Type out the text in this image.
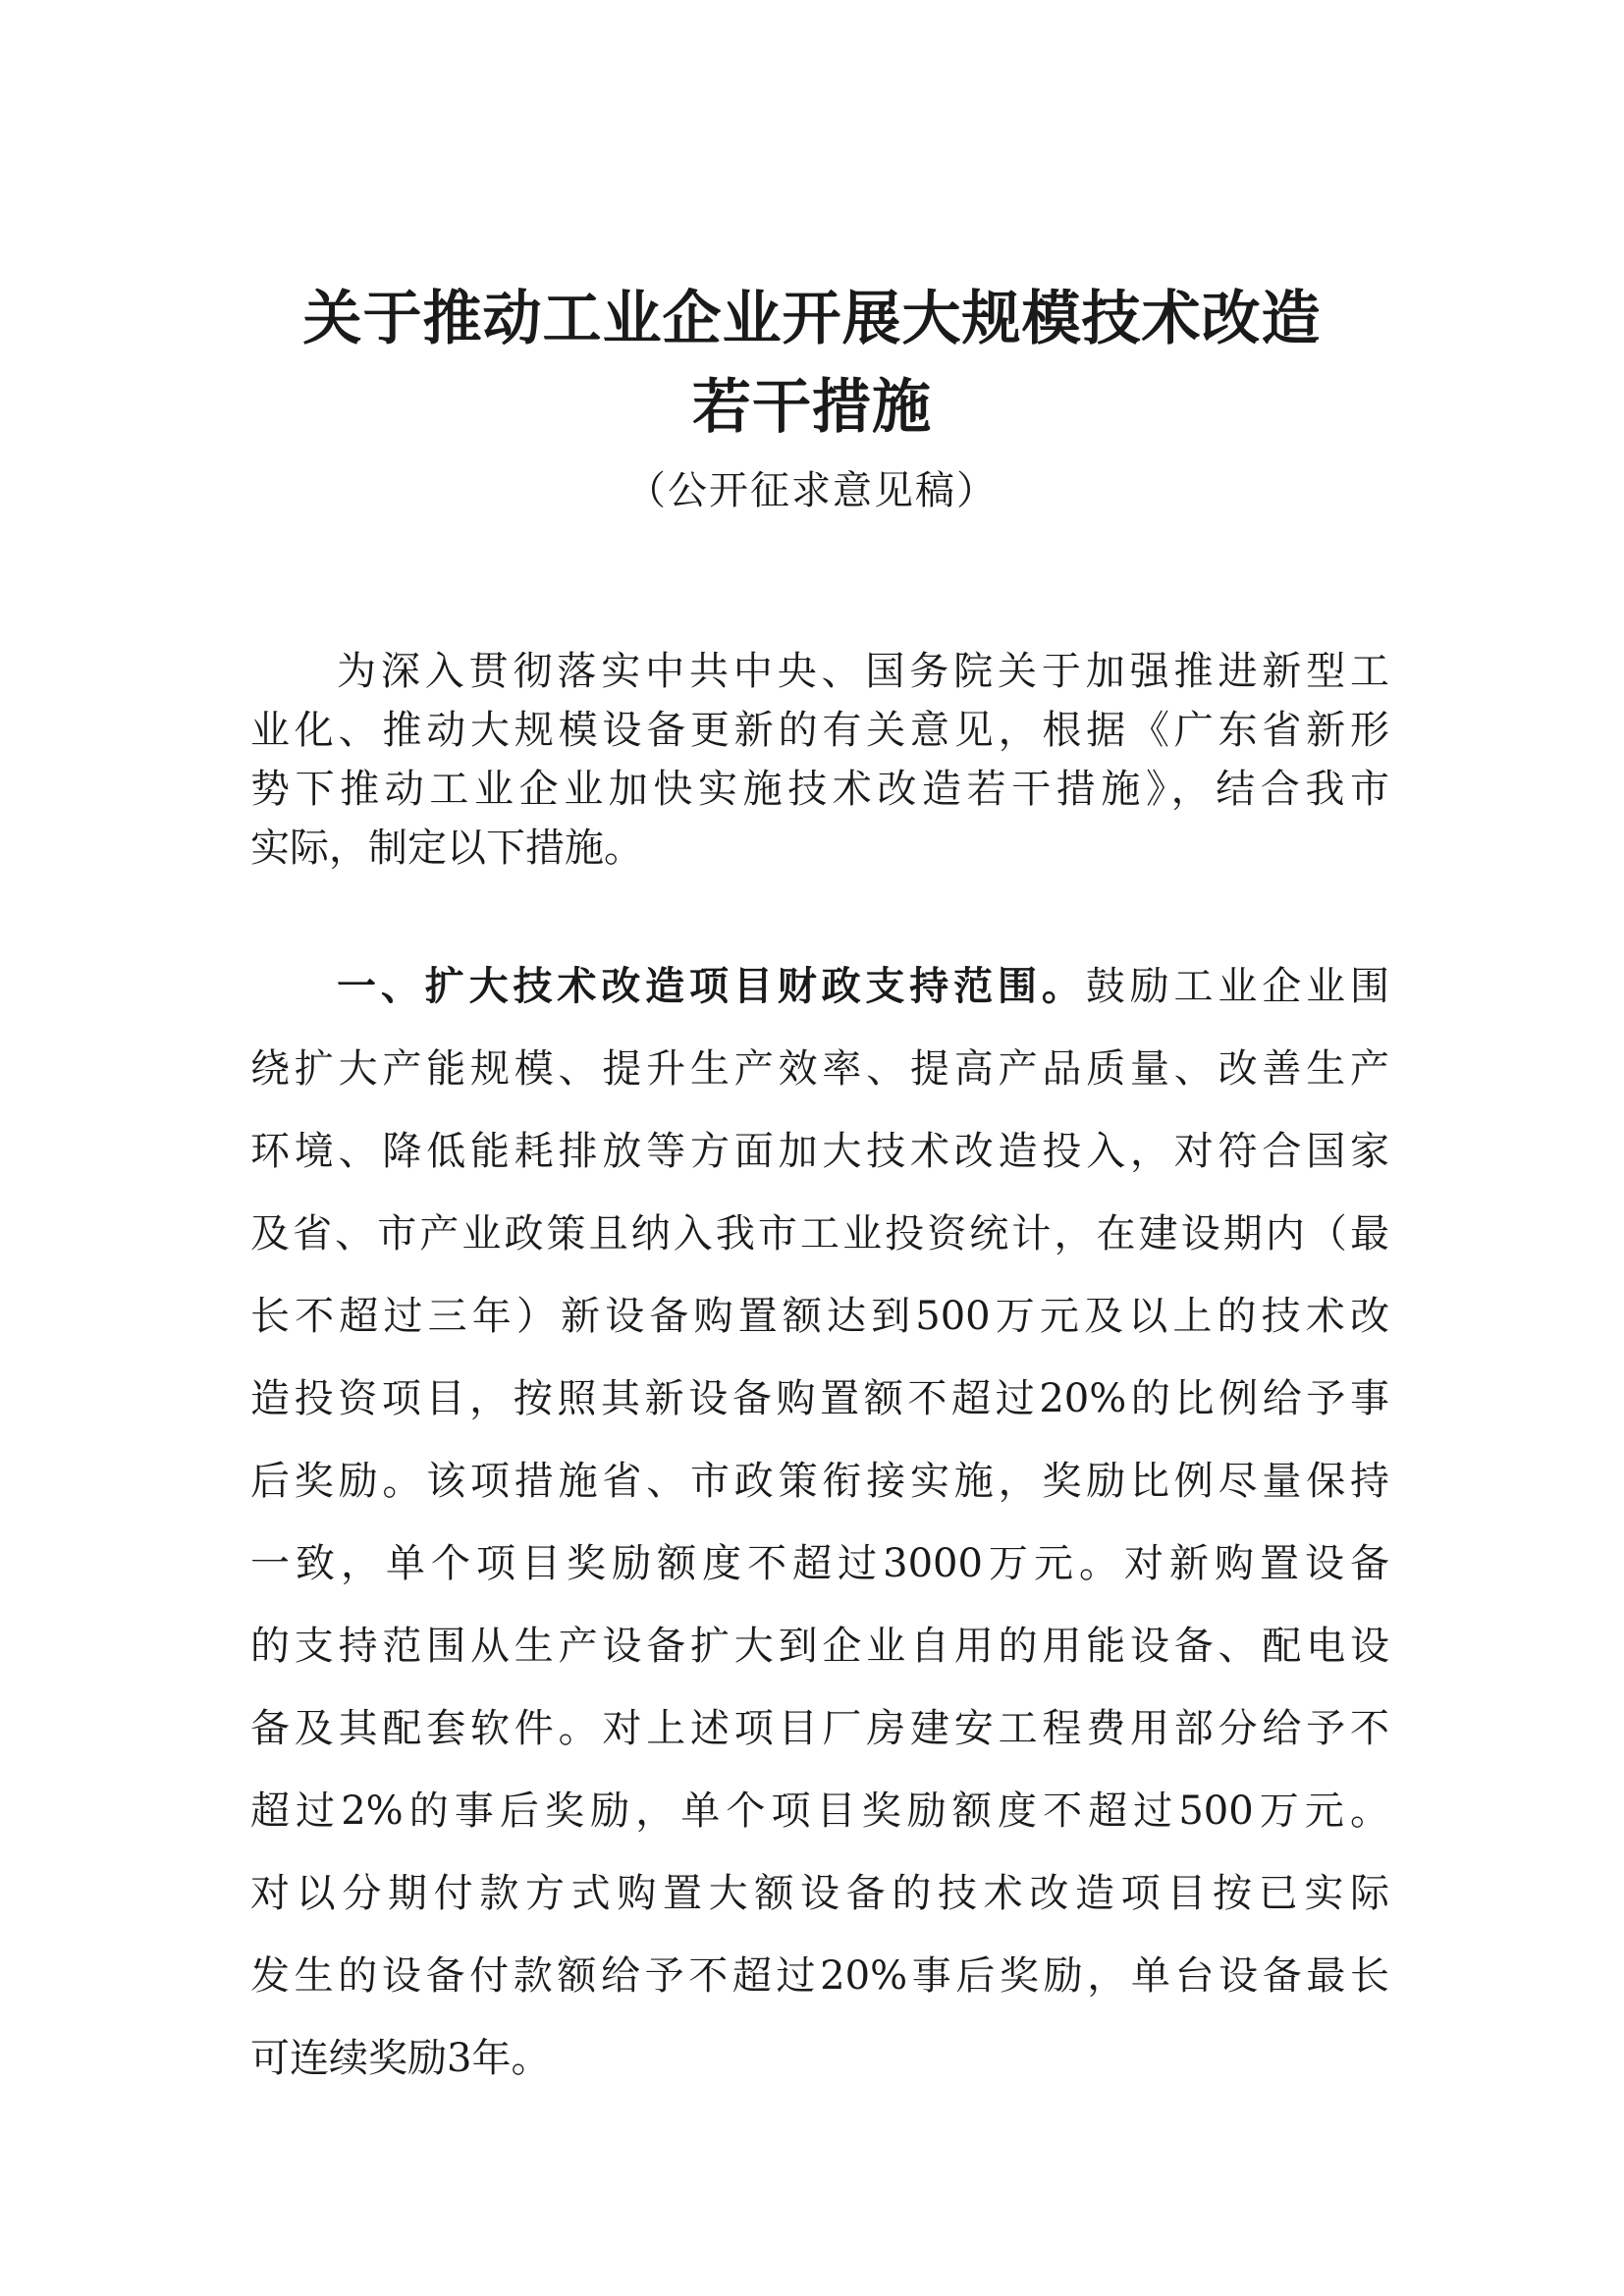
关于推动工业企业开展大规模技术改造
若干措施
（公开征求意见稿）
为深入贯彻落实中共中央、国务院关于加强推进新型工
业化、推动大规模设备更新的有关意见，根据《广东省新形
势下推动工业企业加快实施技术改造若干措施》，结合我市
实际，制定以下措施。
一、扩大技术改造项目财政支持范围。鼓励工业企业围
绕扩大产能规模、提升生产效率、提高产品质量、改善生产
环境、降低能耗排放等方面加大技术改造投入，对符合国家
及省、市产业政策且纳入我市工业投资统计，在建设期内（最
长不超过三年）新设备购置额达到500万元及以上的技术改
造投资项目，按照其新设备购置额不超过20%的比例给予事
后奖励。该项措施省、市政策衔接实施，奖励比例尽量保持
一致，单个项目奖励额度不超过3000万元。对新购置设备
的支持范围从生产设备扩大到企业自用的用能设备、配电设
备及其配套软件。对上述项目厂房建安工程费用部分给予不
超过2%的事后奖励，单个项目奖励额度不超过500万元。
对以分期付款方式购置大额设备的技术改造项目按已实际
发生的设备付款额给予不超过20%事后奖励，单台设备最长
可连续奖励3年。
